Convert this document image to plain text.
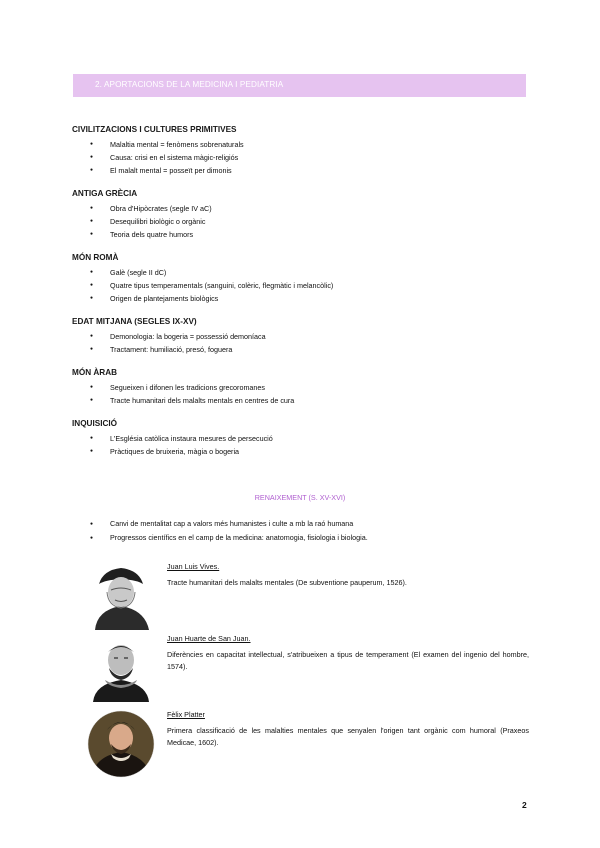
2. APORTACIONS DE LA MEDICINA I PEDIATRIA
CIVILITZACIONS I CULTURES PRIMITIVES
● Malaltia mental = fenòmens sobrenaturals
● Causa: crisi en el sistema màgic-religiós
● El malalt mental = posseït per dimonis
ANTIGA GRÈCIA
● Obra d'Hipòcrates (segle IV aC)
● Desequilibri biològic o orgànic
● Teoria dels quatre humors
MÓN ROMÀ
● Galè (segle II dC)
● Quatre tipus temperamentals (sanguini, colèric, flegmàtic i melancòlic)
● Origen de plantejaments biològics
EDAT MITJANA (SEGLES IX-XV)
● Demonologia: la bogeria = possessió demoníaca
● Tractament: humiliació, presó, foguera
MÓN ÀRAB
● Segueixen i difonen les tradicions grecoromanes
● Tracte humanitari dels malalts mentals en centres de cura
INQUISICIÓ
● L'Església catòlica instaura mesures de persecució
● Pràctiques de bruixeria, màgia o bogeria
RENAIXEMENT (S. XV-XVI)
● Canvi de mentalitat cap a valors més humanistes i culte a mb la raó humana
● Progressos científics en el camp de la medicina: anatomogia, fisiologia i biologia.
Juan Luis Vives.
Tracte humanitari dels malalts mentales (De subventione pauperum, 1526).
Juan Huarte de San Juan.
Diferències en capacitat intellectual, s'atribueixen a tipus de temperament (El examen del ingenio del hombre, 1574).
Fèlix Platter
Primera classificació de les malalties mentales que senyalen l'origen tant orgànic com humoral (Praxeos Medicae, 1602).
2
